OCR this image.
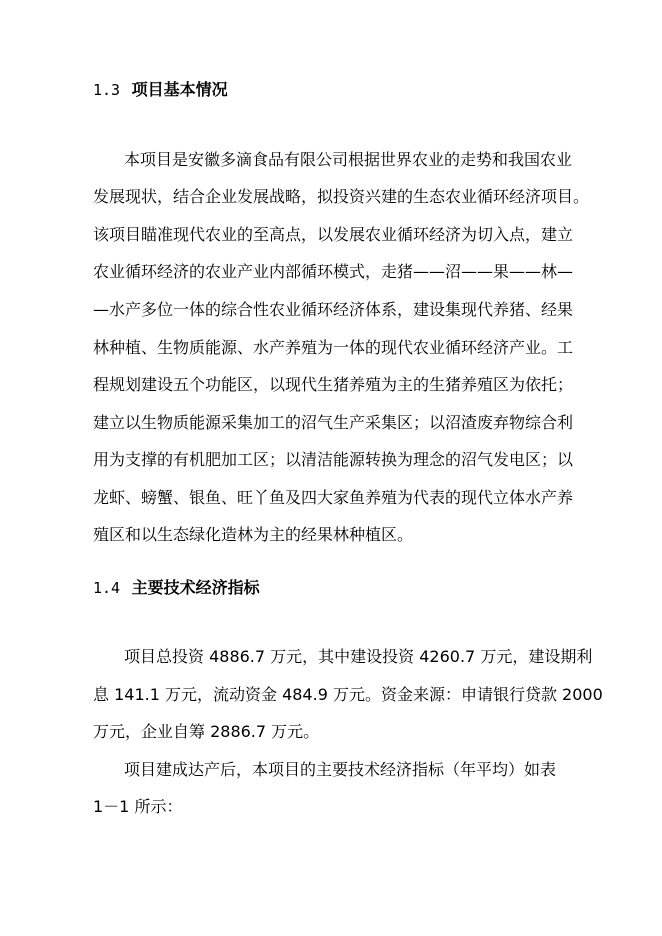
1.3 项目基本情况
本项目是安徽多滴食品有限公司根据世界农业的走势和我国农业
发展现状，结合企业发展战略，拟投资兴建的生态农业循环经济项目。
该项目瞄准现代农业的至高点，以发展农业循环经济为切入点，建立
农业循环经济的农业产业内部循环模式，走猪——沼——果——林—
—水产多位一体的综合性农业循环经济体系，建设集现代养猪、经果
林种植、生物质能源、水产养殖为一体的现代农业循环经济产业。工
程规划建设五个功能区，以现代生猪养殖为主的生猪养殖区为依托；
建立以生物质能源采集加工的沼气生产采集区；以沼渣废弃物综合利
用为支撑的有机肥加工区；以清洁能源转换为理念的沼气发电区；以
龙虾、螃蟹、银鱼、旺丫鱼及四大家鱼养殖为代表的现代立体水产养
殖区和以生态绿化造林为主的经果林种植区。
1.4 主要技术经济指标
项目总投资 4886.7 万元，其中建设投资 4260.7 万元，建设期利
息 141.1 万元，流动资金 484.9 万元。资金来源：申请银行贷款 2000
万元，企业自筹 2886.7 万元。
项目建成达产后，本项目的主要技术经济指标（年平均）如表
1－1 所示：
